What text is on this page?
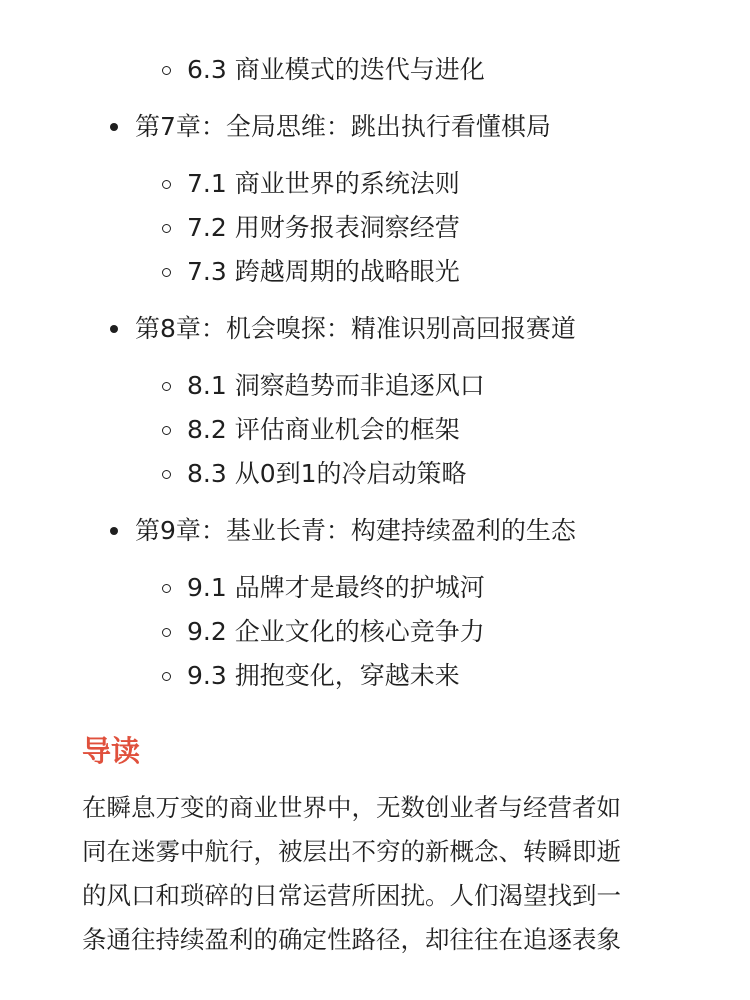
6.3 商业模式的迭代与进化
第7章：全局思维：跳出执行看懂棋局
7.1 商业世界的系统法则
7.2 用财务报表洞察经营
7.3 跨越周期的战略眼光
第8章：机会嗅探：精准识别高回报赛道
8.1 洞察趋势而非追逐风口
8.2 评估商业机会的框架
8.3 从0到1的冷启动策略
第9章：基业长青：构建持续盈利的生态
9.1 品牌才是最终的护城河
9.2 企业文化的核心竞争力
9.3 拥抱变化，穿越未来
导读
在瞬息万变的商业世界中，无数创业者与经营者如
同在迷雾中航行，被层出不穷的新概念、转瞬即逝
的风口和琐碎的日常运营所困扰。人们渴望找到一
条通往持续盈利的确定性路径，却往往在追逐表象
